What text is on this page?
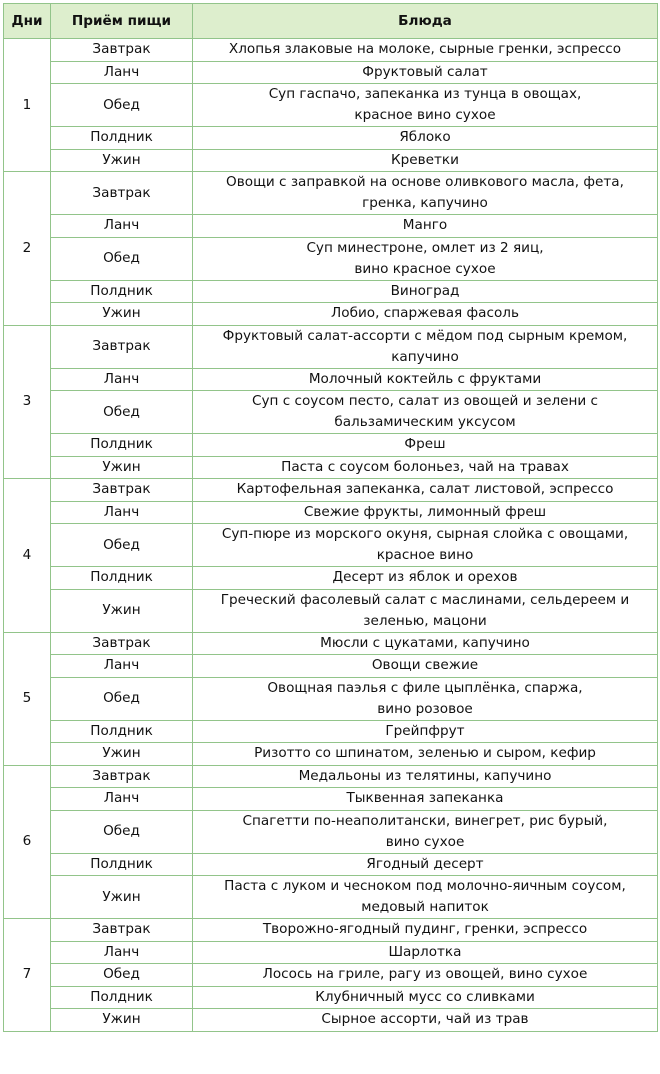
Дни	Приём пищи	Блюда
1	Завтрак	Хлопья злаковые на молоке, сырные гренки, эспрессо
	Ланч	Фруктовый салат
	Обед	Суп гаспачо, запеканка из тунца в овощах,
красное вино сухое
	Полдник	Яблоко
	Ужин	Креветки
2	Завтрак	Овощи с заправкой на основе оливкового масла, фета,
гренка, капучино
	Ланч	Манго
	Обед	Суп минестроне, омлет из 2 яиц,
вино красное сухое
	Полдник	Виноград
	Ужин	Лобио, спаржевая фасоль
3	Завтрак	Фруктовый салат-ассорти с мёдом под сырным кремом,
капучино
	Ланч	Молочный коктейль с фруктами
	Обед	Суп с соусом песто, салат из овощей и зелени с
бальзамическим уксусом
	Полдник	Фреш
	Ужин	Паста с соусом болоньез, чай на травах
4	Завтрак	Картофельная запеканка, салат листовой, эспрессо
	Ланч	Свежие фрукты, лимонный фреш
	Обед	Суп-пюре из морского окуня, сырная слойка с овощами,
красное вино
	Полдник	Десерт из яблок и орехов
	Ужин	Греческий фасолевый салат с маслинами, сельдереем и
зеленью, мацони
5	Завтрак	Мюсли с цукатами, капучино
	Ланч	Овощи свежие
	Обед	Овощная паэлья с филе цыплёнка, спаржа,
вино розовое
	Полдник	Грейпфрут
	Ужин	Ризотто со шпинатом, зеленью и сыром, кефир
6	Завтрак	Медальоны из телятины, капучино
	Ланч	Тыквенная запеканка
	Обед	Спагетти по-неаполитански, винегрет, рис бурый,
вино сухое
	Полдник	Ягодный десерт
	Ужин	Паста с луком и чесноком под молочно-яичным соусом,
медовый напиток
7	Завтрак	Творожно-ягодный пудинг, гренки, эспрессо
	Ланч	Шарлотка
	Обед	Лосось на гриле, рагу из овощей, вино сухое
	Полдник	Клубничный мусс со сливками
	Ужин	Сырное ассорти, чай из трав
